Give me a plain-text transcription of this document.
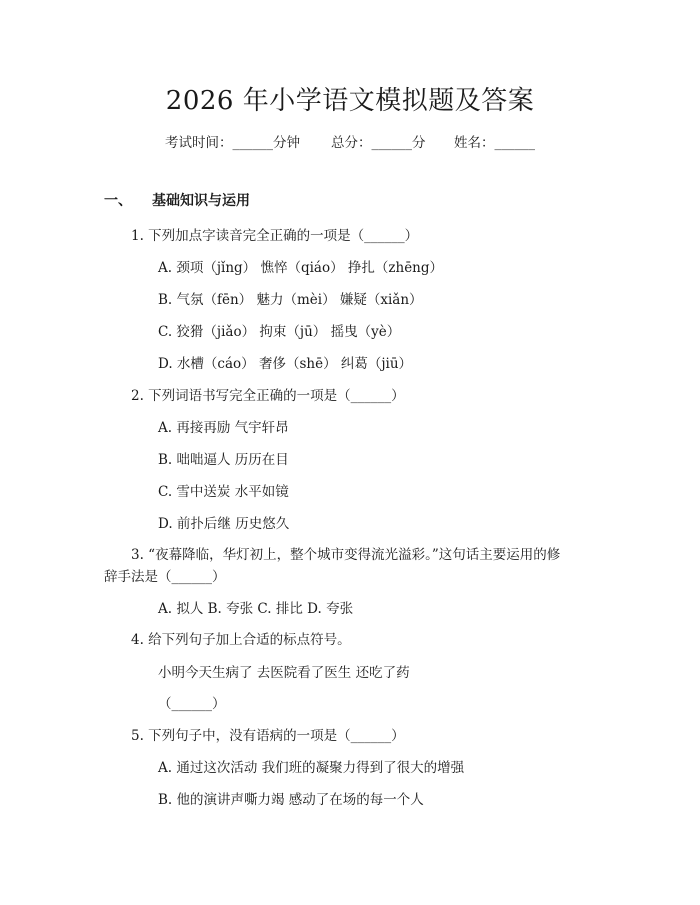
2026 年小学语文模拟题及答案
考试时间：______分钟 总分：______分 姓名：______
一、 基础知识与运用
1. 下列加点字读音完全正确的一项是（______）
A. 颈项（jǐng） 憔悴（qiáo） 挣扎（zhēng）
B. 气氛（fēn） 魅力（mèi） 嫌疑（xiǎn）
C. 狡猾（jiǎo） 拘束（jū） 摇曳（yè）
D. 水槽（cáo） 奢侈（shē） 纠葛（jiū）
2. 下列词语书写完全正确的一项是（______）
A. 再接再励 气宇轩昂
B. 咄咄逼人 历历在目
C. 雪中送炭 水平如镜
D. 前扑后继 历史悠久
3. “夜幕降临，华灯初上，整个城市变得流光溢彩。”这句话主要运用的修
辞手法是（______）
A. 拟人 B. 夸张 C. 排比 D. 夸张
4. 给下列句子加上合适的标点符号。
小明今天生病了 去医院看了医生 还吃了药
（______）
5. 下列句子中，没有语病的一项是（______）
A. 通过这次活动 我们班的凝聚力得到了很大的增强
B. 他的演讲声嘶力竭 感动了在场的每一个人
